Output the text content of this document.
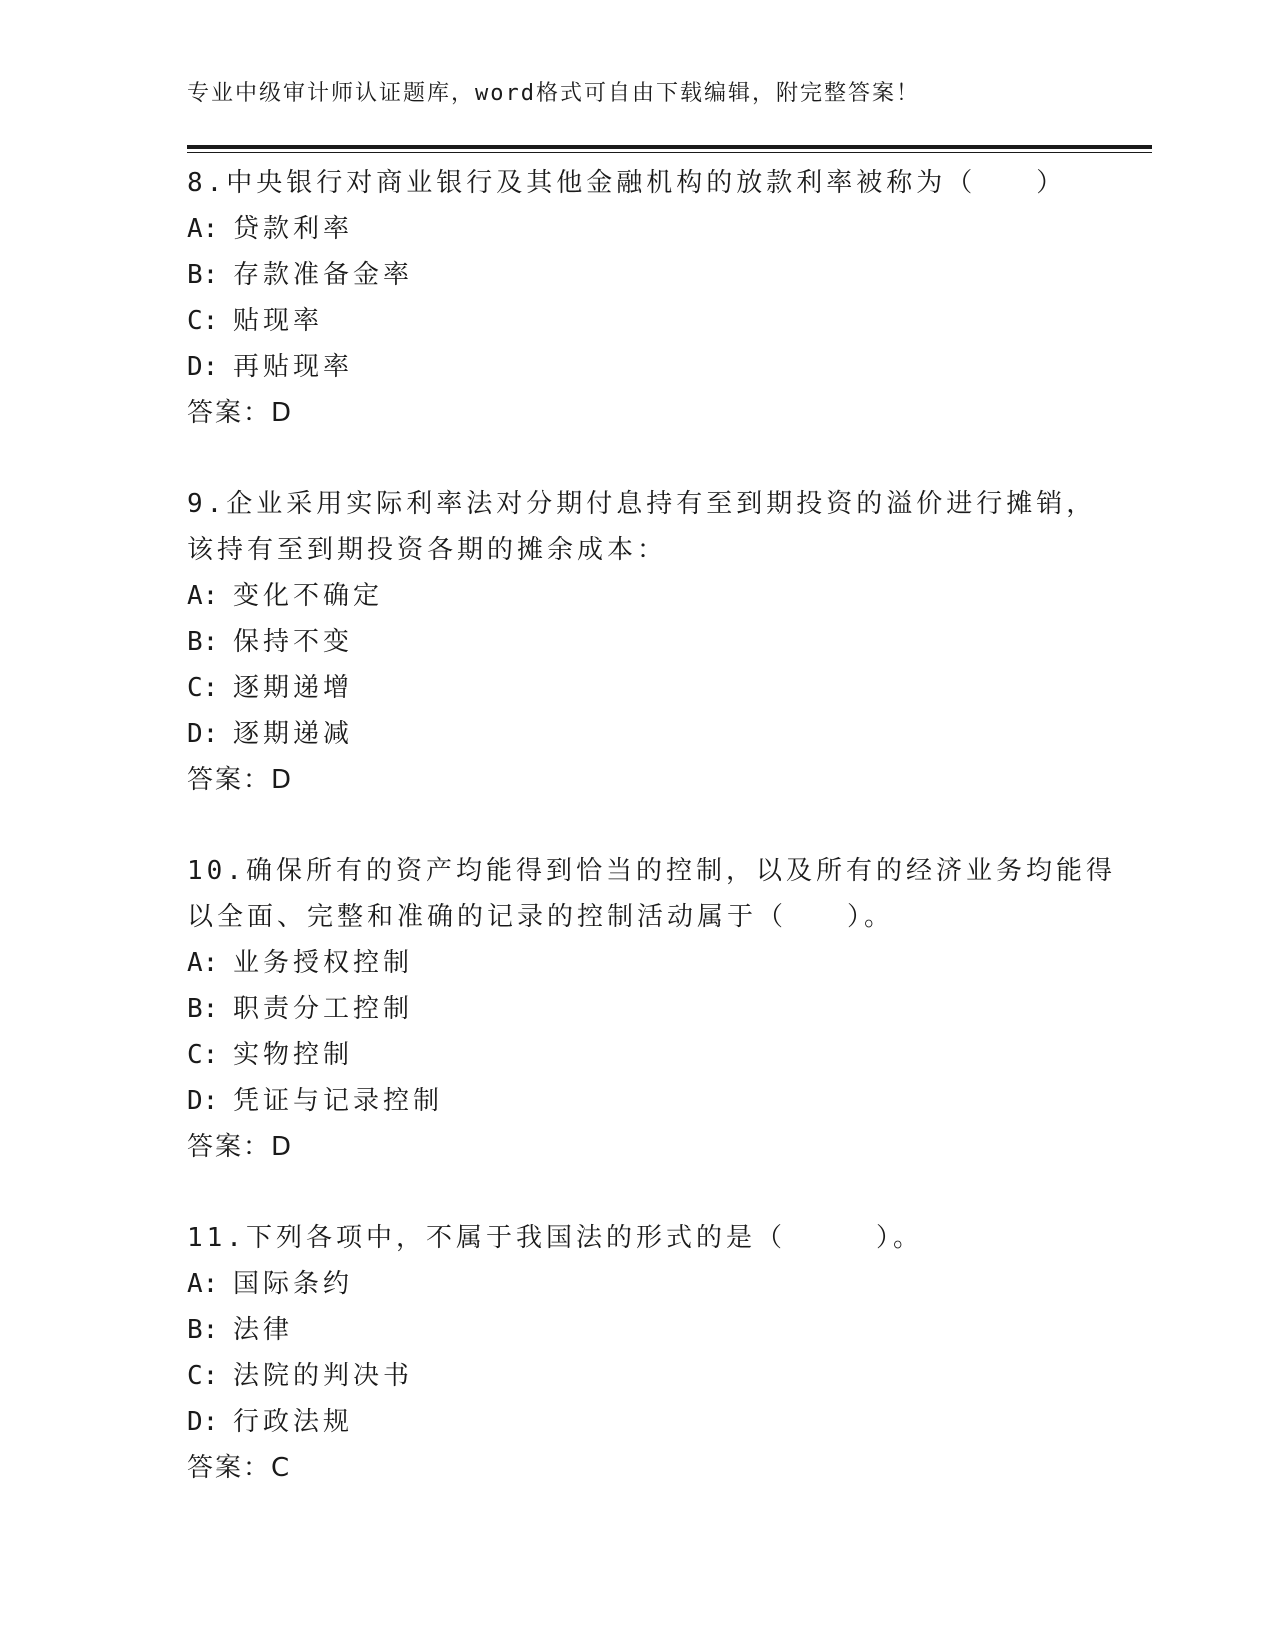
专业中级审计师认证题库，word格式可自由下载编辑，附完整答案！
8.中央银行对商业银行及其他金融机构的放款利率被称为（　　）
A: 贷款利率
B: 存款准备金率
C: 贴现率
D: 再贴现率
答案：D
9.企业采用实际利率法对分期付息持有至到期投资的溢价进行摊销，
该持有至到期投资各期的摊余成本：
A: 变化不确定
B: 保持不变
C: 逐期递增
D: 逐期递减
答案：D
10.确保所有的资产均能得到恰当的控制，以及所有的经济业务均能得
以全面、完整和准确的记录的控制活动属于（　　）。
A: 业务授权控制
B: 职责分工控制
C: 实物控制
D: 凭证与记录控制
答案：D
11.下列各项中，不属于我国法的形式的是（　　　）。
A: 国际条约
B: 法律
C: 法院的判决书
D: 行政法规
答案：C
